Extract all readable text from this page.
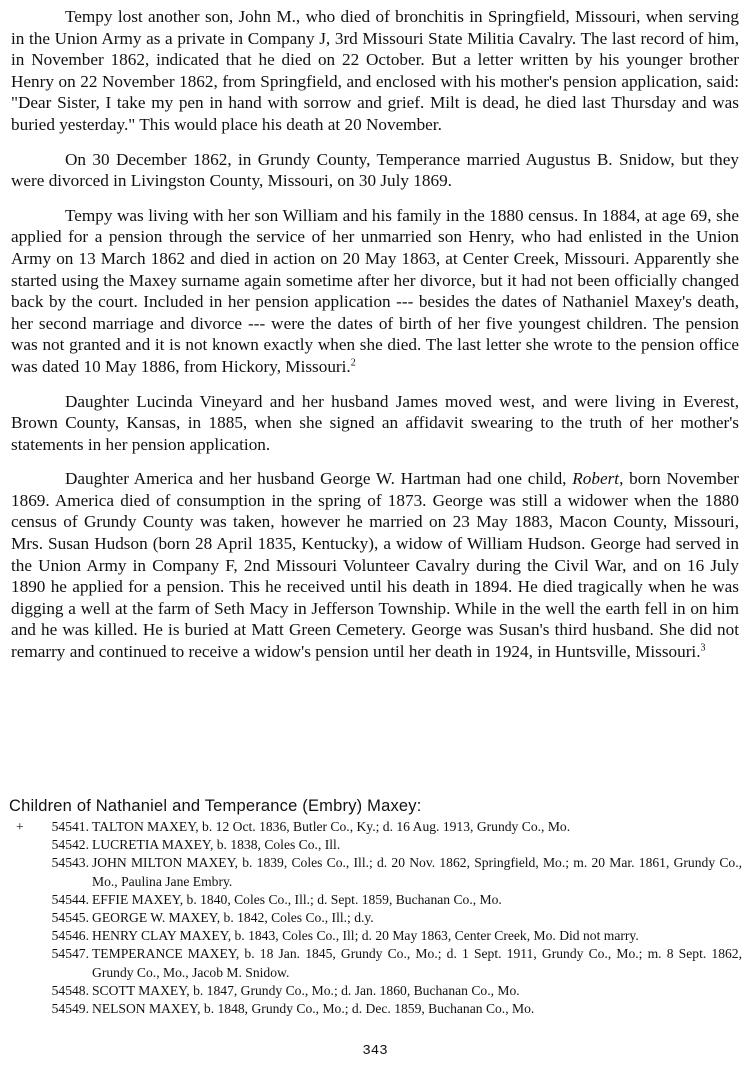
Tempy lost another son, John M., who died of bronchitis in Springfield, Missouri, when serving in the Union Army as a private in Company J, 3rd Missouri State Militia Cavalry. The last record of him, in November 1862, indicated that he died on 22 October. But a letter written by his younger brother Henry on 22 November 1862, from Springfield, and enclosed with his mother's pension application, said: "Dear Sister, I take my pen in hand with sorrow and grief. Milt is dead, he died last Thursday and was buried yesterday." This would place his death at 20 November.

On 30 December 1862, in Grundy County, Temperance married Augustus B. Snidow, but they were divorced in Livingston County, Missouri, on 30 July 1869.

Tempy was living with her son William and his family in the 1880 census. In 1884, at age 69, she applied for a pension through the service of her unmarried son Henry, who had enlisted in the Union Army on 13 March 1862 and died in action on 20 May 1863, at Center Creek, Missouri. Apparently she started using the Maxey surname again sometime after her divorce, but it had not been officially changed back by the court. Included in her pension application --- besides the dates of Nathaniel Maxey's death, her second marriage and divorce --- were the dates of birth of her five youngest children. The pension was not granted and it is not known exactly when she died. The last letter she wrote to the pension office was dated 10 May 1886, from Hickory, Missouri.$^2$

Daughter Lucinda Vineyard and her husband James moved west, and were living in Everest, Brown County, Kansas, in 1885, when she signed an affidavit swearing to the truth of her mother's statements in her pension application.

Daughter America and her husband George W. Hartman had one child, Robert, born November 1869. America died of consumption in the spring of 1873. George was still a widower when the 1880 census of Grundy County was taken, however he married on 23 May 1883, Macon County, Missouri, Mrs. Susan Hudson (born 28 April 1835, Kentucky), a widow of William Hudson. George had served in the Union Army in Company F, 2nd Missouri Volunteer Cavalry during the Civil War, and on 16 July 1890 he applied for a pension. This he received until his death in 1894. He died tragically when he was digging a well at the farm of Seth Macy in Jefferson Township. While in the well the earth fell in on him and he was killed. He is buried at Matt Green Cemetery. George was Susan's third husband. She did not remarry and continued to receive a widow's pension until her death in 1924, in Huntsville, Missouri.$^3$

Children of Nathaniel and Temperance (Embry) Maxey:

+	54541. TALTON MAXEY, b. 12 Oct. 1836, Butler Co., Ky.; d. 16 Aug. 1913, Grundy Co., Mo.

54542. LUCRETIA MAXEY, b. 1838, Coles Co., Ill.

54543. JOHN MILTON MAXEY, b. 1839, Coles Co., Ill.; d. 20 Nov. 1862, Springfield, Mo.; m. 20 Mar. 1861, Grundy Co., Mo., Paulina Jane Embry.

54544. EFFIE MAXEY, b. 1840, Coles Co., Ill.; d. Sept. 1859, Buchanan Co., Mo.

54545. GEORGE W. MAXEY, b. 1842, Coles Co., Ill.; d.y.

54546. HENRY CLAY MAXEY, b. 1843, Coles Co., Ill; d. 20 May 1863, Center Creek, Mo. Did not marry.

54547. TEMPERANCE MAXEY, b. 18 Jan. 1845, Grundy Co., Mo.; d. 1 Sept. 1911, Grundy Co., Mo.; m. 8 Sept. 1862, Grundy Co., Mo., Jacob M. Snidow.

54548. SCOTT MAXEY, b. 1847, Grundy Co., Mo.; d. Jan. 1860, Buchanan Co., Mo.

54549. NELSON MAXEY, b. 1848, Grundy Co., Mo.; d. Dec. 1859, Buchanan Co., Mo.

343
